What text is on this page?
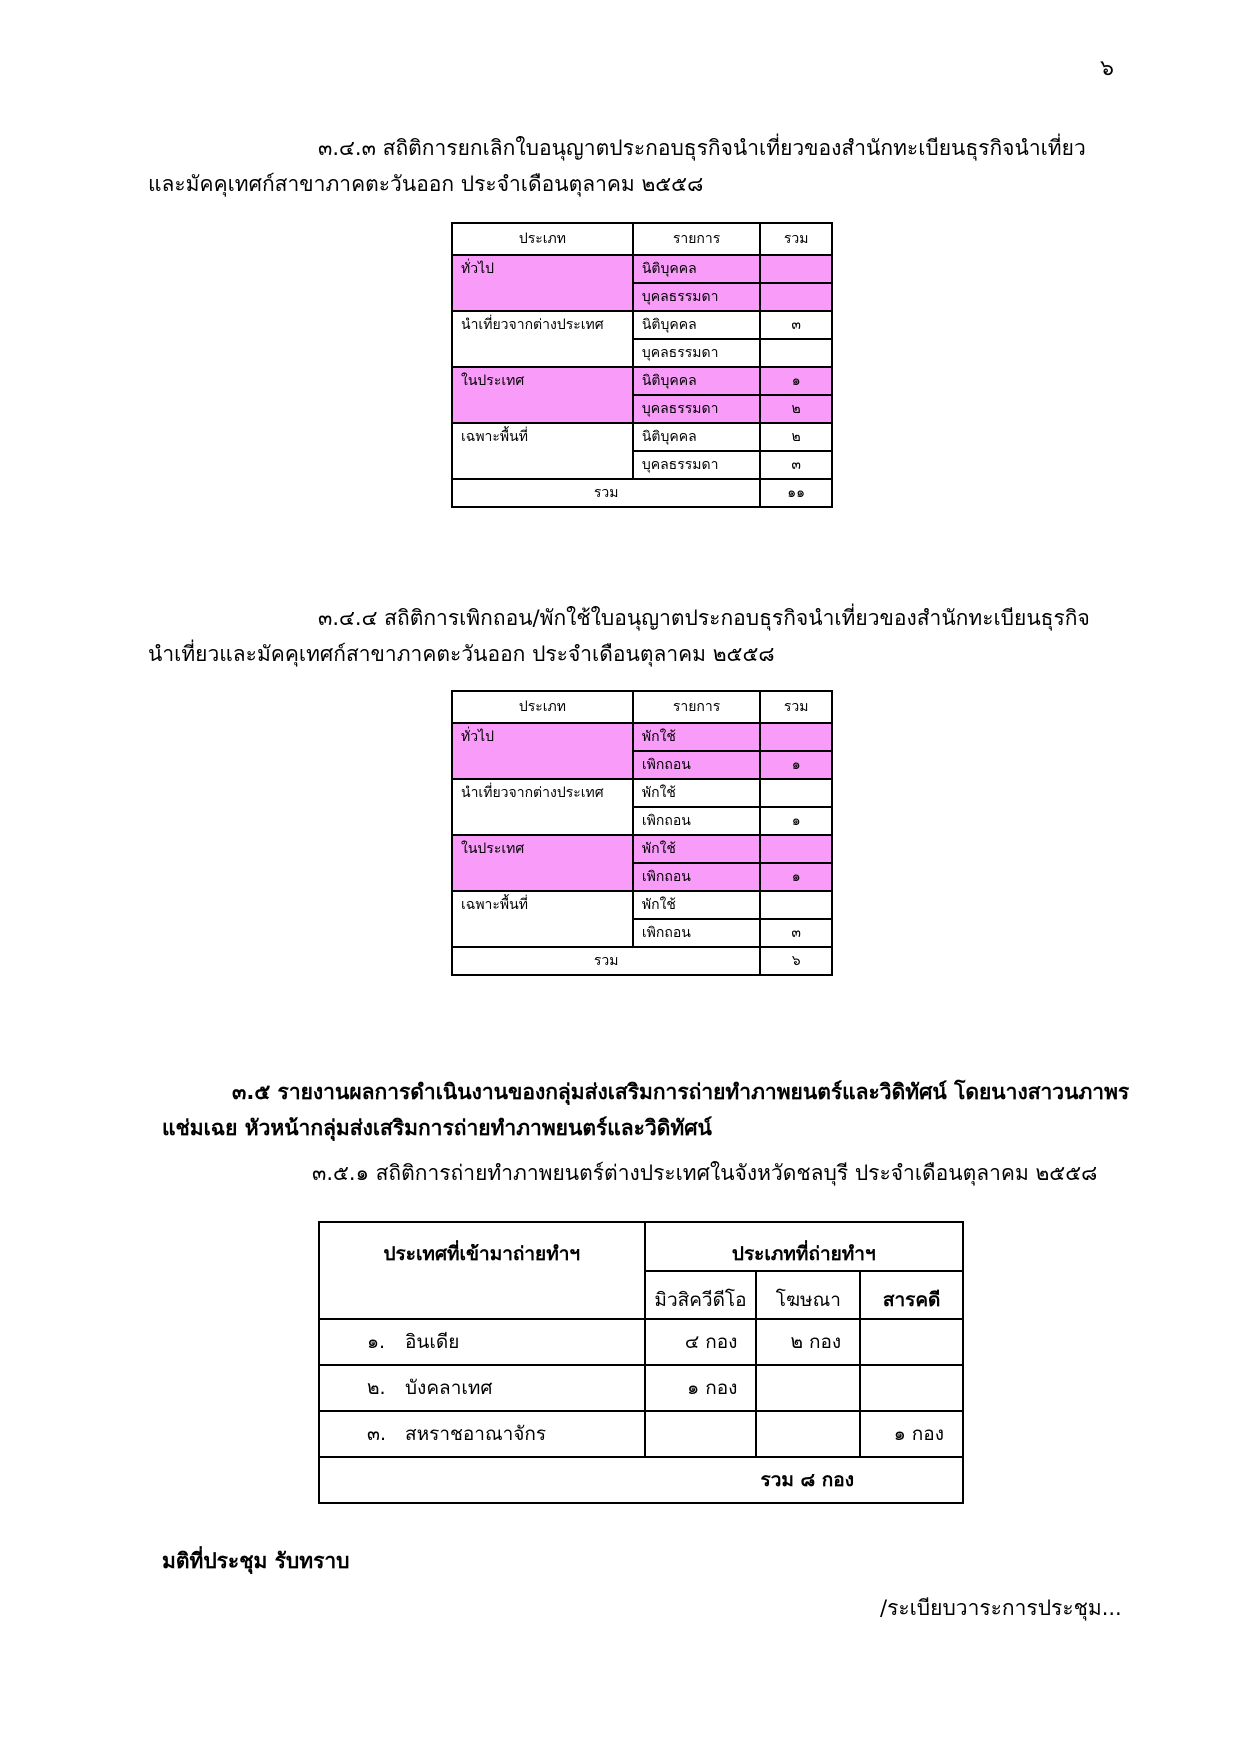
๖
๓.๔.๓ สถิติการยกเลิกใบอนุญาตประกอบธุรกิจนำเที่ยวของสำนักทะเบียนธุรกิจนำเที่ยว
และมัคคุเทศก์สาขาภาคตะวันออก ประจำเดือนตุลาคม ๒๕๕๘
ประเภท	รายการ	รวม
ทั่วไป	นิติบุคคล	
	บุคลธรรมดา	
นำเที่ยวจากต่างประเทศ	นิติบุคคล	๓
	บุคลธรรมดา	
ในประเทศ	นิติบุคคล	๑
	บุคลธรรมดา	๒
เฉพาะพื้นที่	นิติบุคคล	๒
	บุคลธรรมดา	๓
รวม		๑๑
๓.๔.๔ สถิติการเพิกถอน/พักใช้ใบอนุญาตประกอบธุรกิจนำเที่ยวของสำนักทะเบียนธุรกิจ
นำเที่ยวและมัคคุเทศก์สาขาภาคตะวันออก ประจำเดือนตุลาคม ๒๕๕๘
ประเภท	รายการ	รวม
ทั่วไป	พักใช้	
	เพิกถอน	๑
นำเที่ยวจากต่างประเทศ	พักใช้	
	เพิกถอน	๑
ในประเทศ	พักใช้	
	เพิกถอน	๑
เฉพาะพื้นที่	พักใช้	
	เพิกถอน	๓
รวม		๖
๓.๕ รายงานผลการดำเนินงานของกลุ่มส่งเสริมการถ่ายทำภาพยนตร์และวิดิทัศน์ โดยนางสาวนภาพร
แช่มเฉย หัวหน้ากลุ่มส่งเสริมการถ่ายทำภาพยนตร์และวิดิทัศน์
๓.๕.๑ สถิติการถ่ายทำภาพยนตร์ต่างประเทศในจังหวัดชลบุรี ประจำเดือนตุลาคม ๒๕๕๘
ประเทศที่เข้ามาถ่ายทำฯ	ประเภทที่ถ่ายทำฯ		
	มิวสิควีดีโอ	โฆษณา	สารคดี
๑. อินเดีย	๔ กอง	๒ กอง	
๒. บังคลาเทศ	๑ กอง		
๓. สหราชอาณาจักร			๑ กอง
รวม ๘ กอง			
มติที่ประชุม รับทราบ
/ระเบียบวาระการประชุม...
